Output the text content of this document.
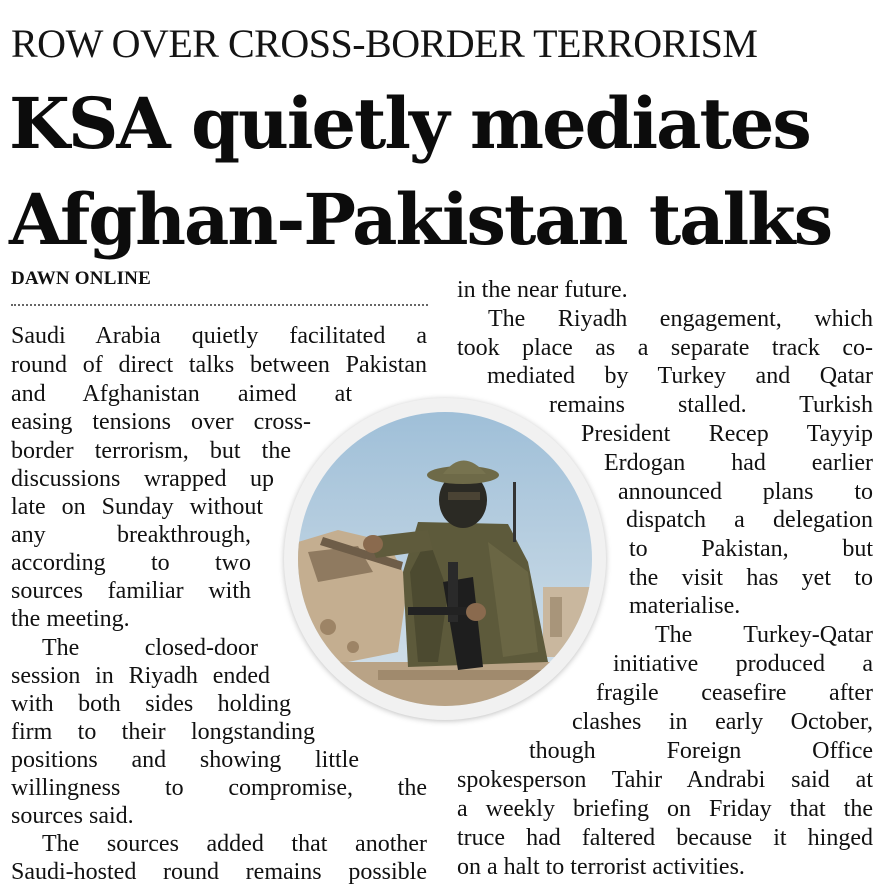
ROW OVER CROSS-BORDER TERRORISM
KSA quietly mediates
Afghan-Pakistan talks
DAWN ONLINE
Saudi Arabia quietly facilitated a
round of direct talks between Pakistan
and Afghanistan aimed at
easing tensions over cross-
border terrorism, but the
discussions wrapped up
late on Sunday without
any breakthrough,
according to two
sources familiar with
the meeting.
The closed-door
session in Riyadh ended
with both sides holding
firm to their longstanding
positions and showing little
willingness to compromise, the
sources said.
The sources added that another
Saudi-hosted round remains possible
in the near future.
The Riyadh engagement, which
took place as a separate track co-
mediated by Turkey and Qatar
remains stalled. Turkish
President Recep Tayyip
Erdogan had earlier
announced plans to
dispatch a delegation
to Pakistan, but
the visit has yet to
materialise.
The Turkey-Qatar
initiative produced a
fragile ceasefire after
clashes in early October,
though Foreign Office
spokesperson Tahir Andrabi said at
a weekly briefing on Friday that the
truce had faltered because it hinged
on a halt to terrorist activities.
